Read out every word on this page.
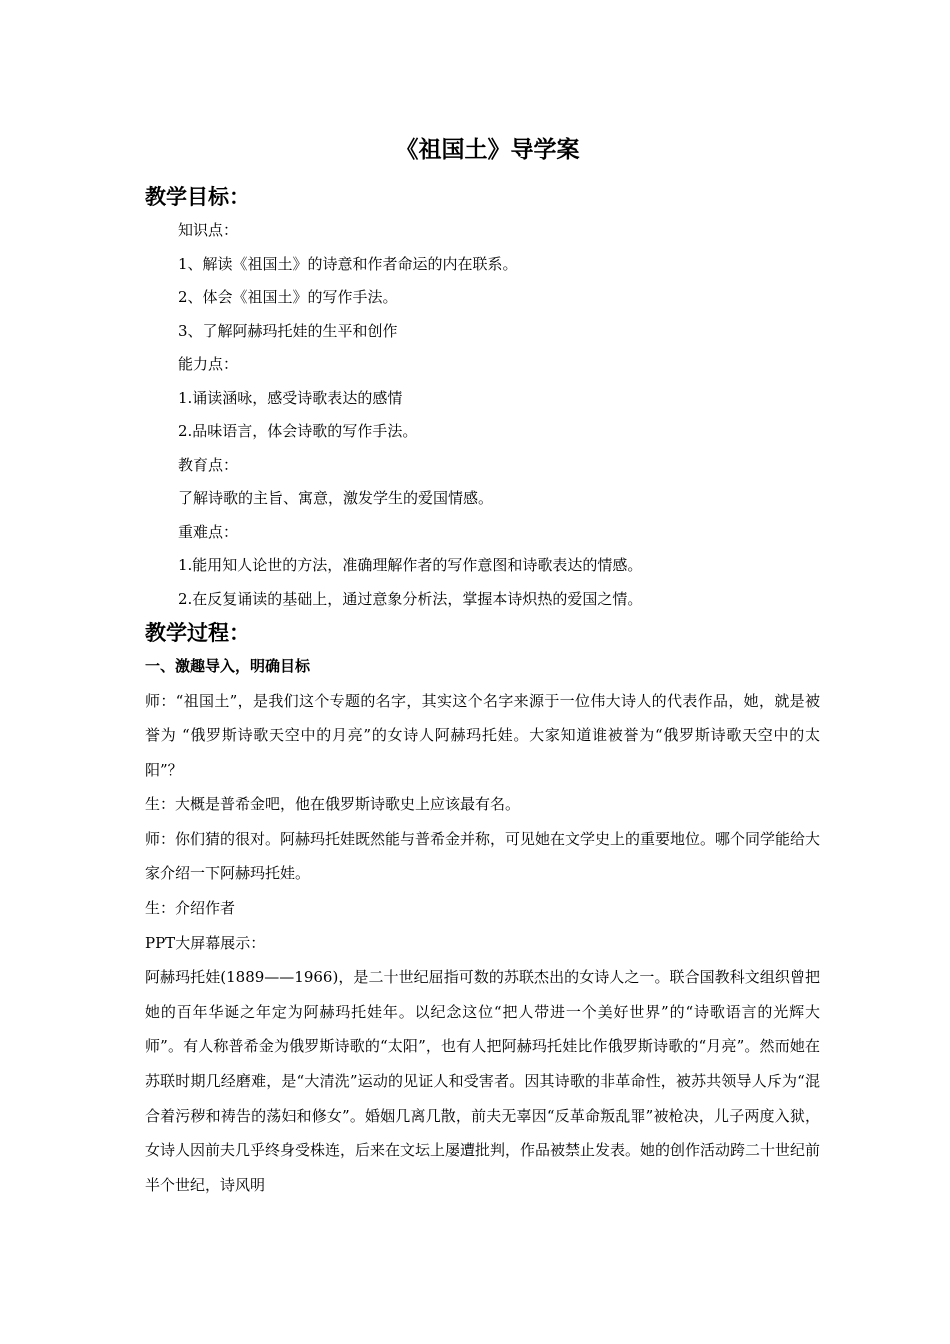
《祖国土》导学案
教学目标：
知识点：
1、解读《祖国土》的诗意和作者命运的内在联系。
2、体会《祖国土》的写作手法。
3、了解阿赫玛托娃的生平和创作
能力点：
1.诵读涵咏，感受诗歌表达的感情
2.品味语言，体会诗歌的写作手法。
教育点：
了解诗歌的主旨、寓意，激发学生的爱国情感。
重难点：
1.能用知人论世的方法，准确理解作者的写作意图和诗歌表达的情感。
2.在反复诵读的基础上，通过意象分析法，掌握本诗炽热的爱国之情。
教学过程：
一、激趣导入，明确目标

师：“祖国土”，是我们这个专题的名字，其实这个名字来源于一位伟大诗人的代表作品，她，就是被誉为 “俄罗斯诗歌天空中的月亮”的女诗人阿赫玛托娃。大家知道谁被誉为“俄罗斯诗歌天空中的太阳”？

生：大概是普希金吧，他在俄罗斯诗歌史上应该最有名。

师：你们猜的很对。阿赫玛托娃既然能与普希金并称，可见她在文学史上的重要地位。哪个同学能给大家介绍一下阿赫玛托娃。

生：介绍作者

PPT大屏幕展示：

阿赫玛托娃(1889——1966)，是二十世纪屈指可数的苏联杰出的女诗人之一。联合国教科文组织曾把她的百年华诞之年定为阿赫玛托娃年。以纪念这位“把人带进一个美好世界”的“诗歌语言的光辉大师”。有人称普希金为俄罗斯诗歌的“太阳”，也有人把阿赫玛托娃比作俄罗斯诗歌的“月亮”。然而她在苏联时期几经磨难，是“大清洗”运动的见证人和受害者。因其诗歌的非革命性，被苏共领导人斥为“混合着污秽和祷告的荡妇和修女”。婚姻几离几散，前夫无辜因“反革命叛乱罪”被枪决，儿子两度入狱，女诗人因前夫几乎终身受株连，后来在文坛上屡遭批判，作品被禁止发表。她的创作活动跨二十世纪前半个世纪，诗风明
